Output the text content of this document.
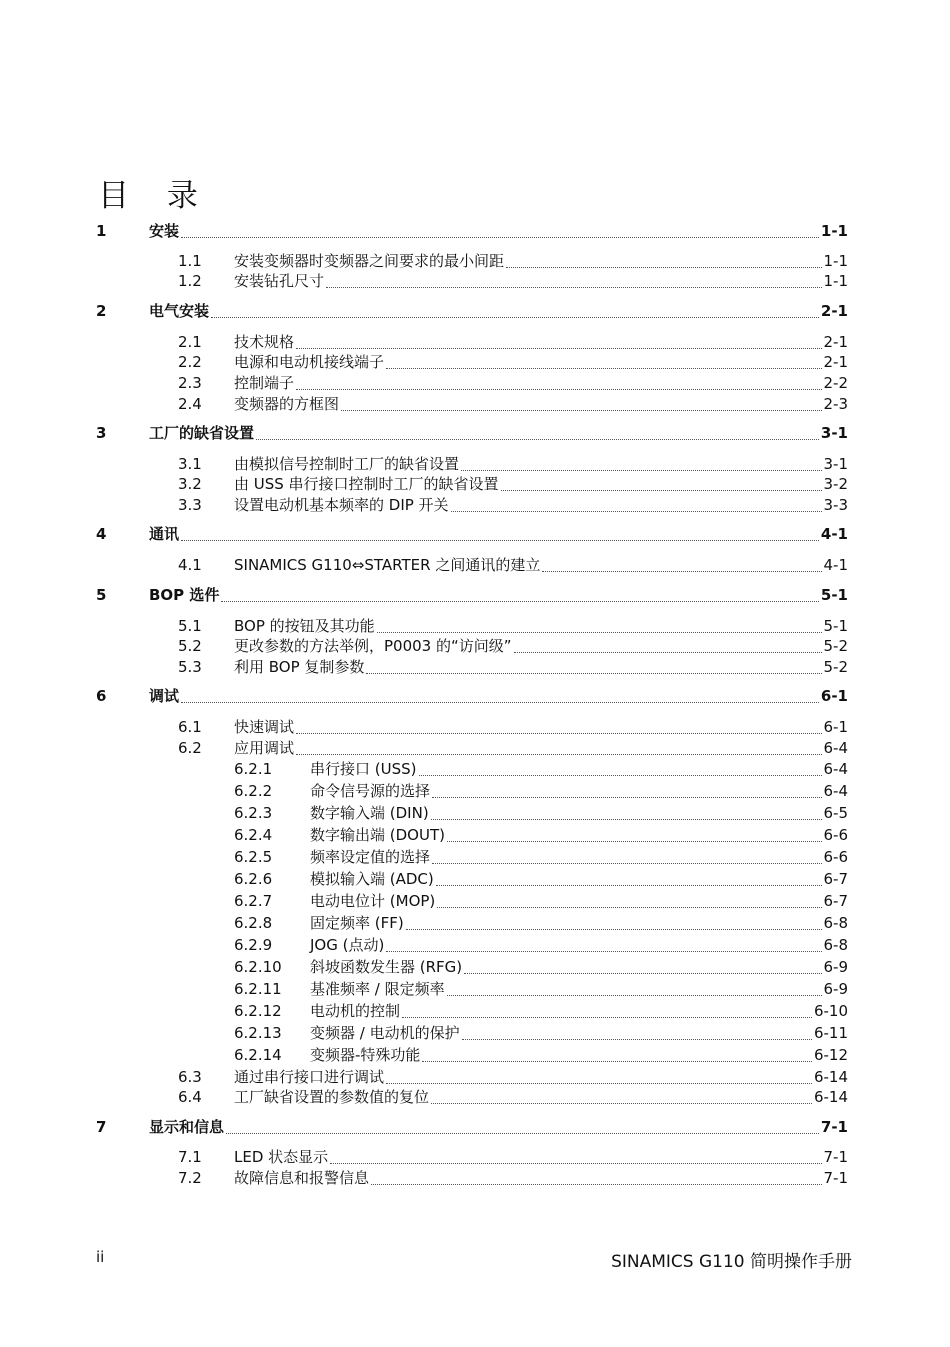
目 录
1	安装	1-1
1.1 安装变频器时变频器之间要求的最小间距	1-1
1.2 安装钻孔尺寸	1-1
2	电气安装	2-1
2.1 技术规格	2-1
2.2 电源和电动机接线端子	2-1
2.3 控制端子	2-2
2.4 变频器的方框图	2-3
3	工厂的缺省设置	3-1
3.1 由模拟信号控制时工厂的缺省设置	3-1
3.2 由 USS 串行接口控制时工厂的缺省设置	3-2
3.3 设置电动机基本频率的 DIP 开关	3-3
4	通讯	4-1
4.1 SINAMICS G110⇔STARTER 之间通讯的建立	4-1
5	BOP 选件	5-1
5.1 BOP 的按钮及其功能	5-1
5.2 更改参数的方法举例，P0003 的“访问级”	5-2
5.3 利用 BOP 复制参数	5-2
6	调试	6-1
6.1 快速调试	6-1
6.2 应用调试	6-4
6.2.1	串行接口 (USS)	6-4
6.2.2	命令信号源的选择	6-4
6.2.3	数字输入端 (DIN)	6-5
6.2.4	数字输出端 (DOUT)	6-6
6.2.5	频率设定值的选择	6-6
6.2.6	模拟输入端 (ADC)	6-7
6.2.7	电动电位计 (MOP)	6-7
6.2.8	固定频率 (FF)	6-8
6.2.9	JOG (点动)	6-8
6.2.10 斜坡函数发生器 (RFG)	6-9
6.2.11 基准频率 / 限定频率	6-9
6.2.12 电动机的控制	6-10
6.2.13 变频器 / 电动机的保护	6-11
6.2.14 变频器-特殊功能	6-12
6.3 通过串行接口进行调试	6-14
6.4 工厂缺省设置的参数值的复位	6-14
7	显示和信息	7-1
7.1 LED 状态显示	7-1
7.2 故障信息和报警信息	7-1
ii	SINAMICS G110 简明操作手册
